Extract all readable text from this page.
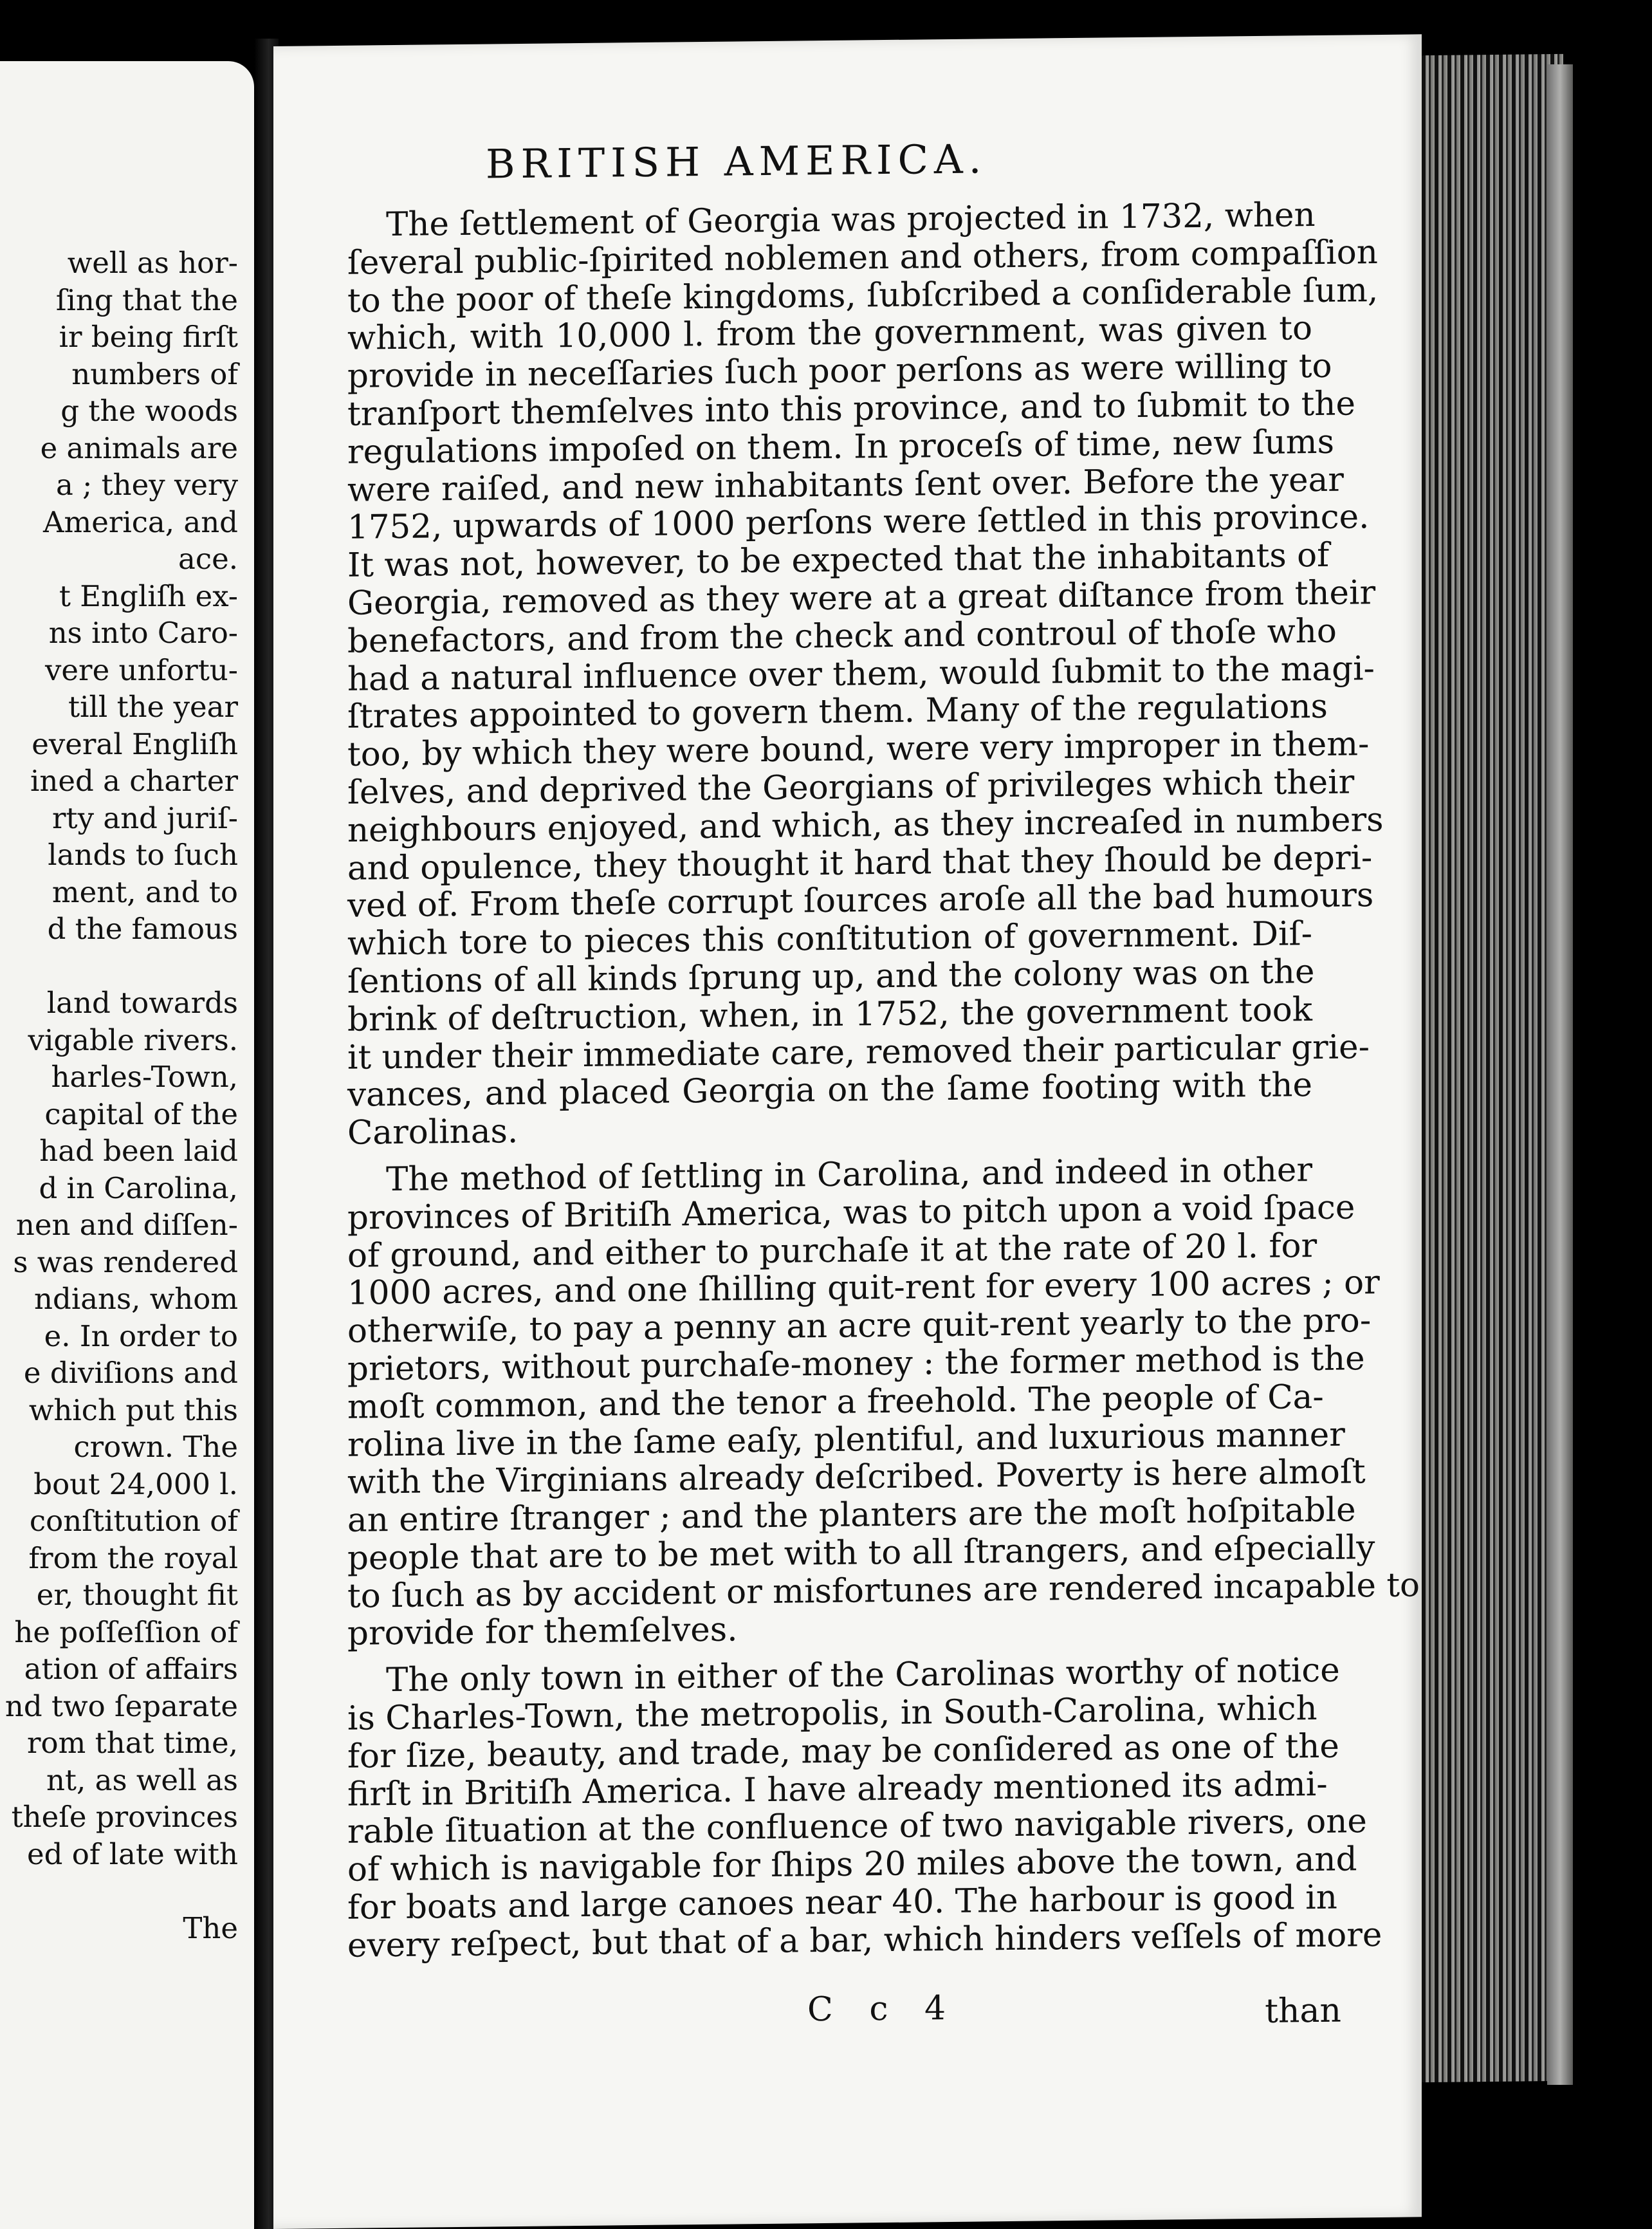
well as hor-
ſing that the
ir being firſt
numbers of
g the woods
e animals are
a ; they very
America, and
ace.
t Engliſh ex-
ns into Caro-
vere unfortu-
till the year
everal Engliſh
ined a charter
rty and juriſ-
lands to ſuch
ment, and to
d the famous
land towards
vigable rivers.
harles-Town,
capital of the
had been laid
d in Carolina,
nen and diſſen-
s was rendered
ndians, whom
e. In order to
e diviſions and
which put this
crown. The
bout 24,000 l.
conſtitution of
from the royal
er, thought fit
he poſſeſſion of
ation of affairs
nd two ſeparate
rom that time,
nt, as well as
theſe provinces
ed of late with
The
BRITISH AMERICA.
The ſettlement of Georgia was projected in 1732, when
ſeveral public-ſpirited noblemen and others, from compaſſion
to the poor of theſe kingdoms, ſubſcribed a conſiderable ſum,
which, with 10,000 l. from the government, was given to
provide in neceſſaries ſuch poor perſons as were willing to
tranſport themſelves into this province, and to ſubmit to the
regulations impoſed on them. In proceſs of time, new ſums
were raiſed, and new inhabitants ſent over. Before the year
1752, upwards of 1000 perſons were ſettled in this province.
It was not, however, to be expected that the inhabitants of
Georgia, removed as they were at a great diſtance from their
benefactors, and from the check and controul of thoſe who
had a natural influence over them, would ſubmit to the magi-
ſtrates appointed to govern them. Many of the regulations
too, by which they were bound, were very improper in them-
ſelves, and deprived the Georgians of privileges which their
neighbours enjoyed, and which, as they increaſed in numbers
and opulence, they thought it hard that they ſhould be depri-
ved of. From theſe corrupt ſources aroſe all the bad humours
which tore to pieces this conſtitution of government. Diſ-
ſentions of all kinds ſprung up, and the colony was on the
brink of deſtruction, when, in 1752, the government took
it under their immediate care, removed their particular grie-
vances, and placed Georgia on the ſame footing with the
Carolinas.
The method of ſettling in Carolina, and indeed in other
provinces of Britiſh America, was to pitch upon a void ſpace
of ground, and either to purchaſe it at the rate of 20 l. for
1000 acres, and one ſhilling quit-rent for every 100 acres ; or
otherwiſe, to pay a penny an acre quit-rent yearly to the pro-
prietors, without purchaſe-money : the former method is the
moſt common, and the tenor a freehold. The people of Ca-
rolina live in the ſame eaſy, plentiful, and luxurious manner
with the Virginians already deſcribed. Poverty is here almoſt
an entire ſtranger ; and the planters are the moſt hoſpitable
people that are to be met with to all ſtrangers, and eſpecially
to ſuch as by accident or misfortunes are rendered incapable to
provide for themſelves.
The only town in either of the Carolinas worthy of notice
is Charles-Town, the metropolis, in South-Carolina, which
for ſize, beauty, and trade, may be conſidered as one of the
firſt in Britiſh America. I have already mentioned its admi-
rable ſituation at the confluence of two navigable rivers, one
of which is navigable for ſhips 20 miles above the town, and
for boats and large canoes near 40. The harbour is good in
every reſpect, but that of a bar, which hinders veſſels of more
C c 4	than
